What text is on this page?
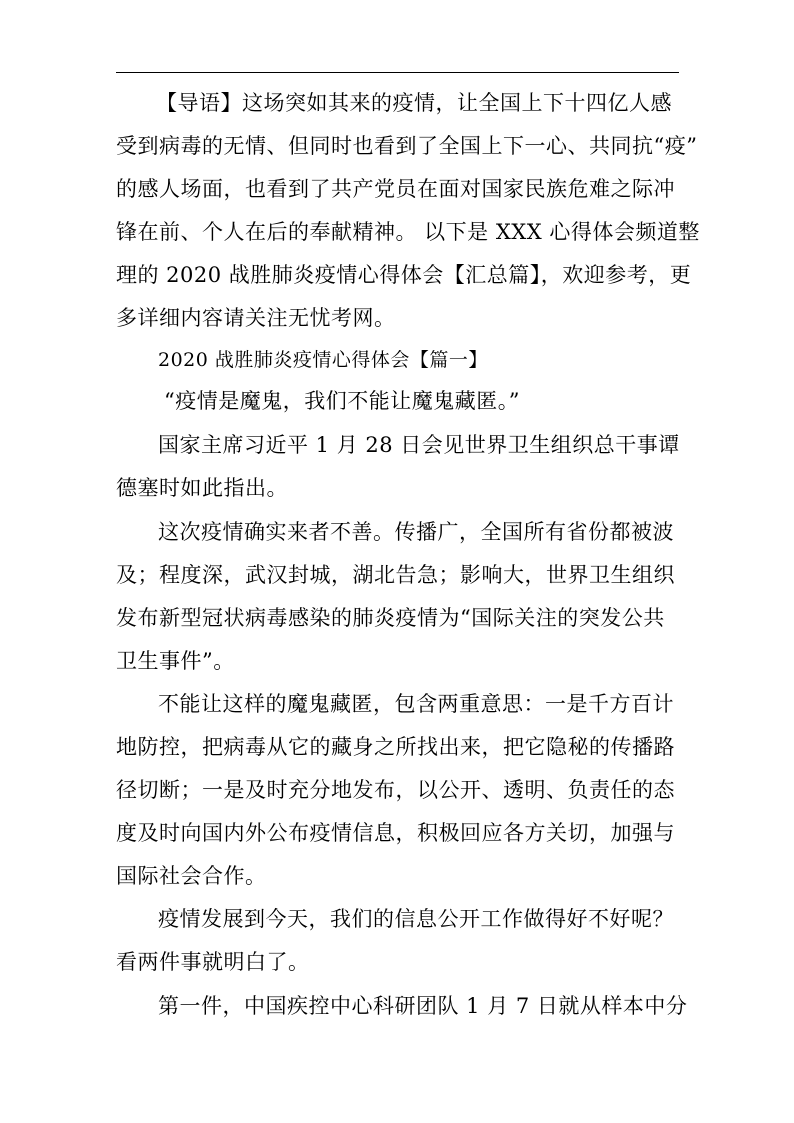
【导语】这场突如其来的疫情，让全国上下十四亿人感
受到病毒的无情、但同时也看到了全国上下一心、共同抗“疫”
的感人场面，也看到了共产党员在面对国家民族危难之际冲
锋在前、个人在后的奉献精神。 以下是 XXX 心得体会频道整
理的 2020 战胜肺炎疫情心得体会【汇总篇】，欢迎参考，更
多详细内容请关注无忧考网。
2020 战胜肺炎疫情心得体会【篇一】
“疫情是魔鬼，我们不能让魔鬼藏匿。”
国家主席习近平 1 月 28 日会见世界卫生组织总干事谭
德塞时如此指出。
这次疫情确实来者不善。传播广，全国所有省份都被波
及；程度深，武汉封城，湖北告急；影响大，世界卫生组织
发布新型冠状病毒感染的肺炎疫情为“国际关注的突发公共
卫生事件”。
不能让这样的魔鬼藏匿，包含两重意思：一是千方百计
地防控，把病毒从它的藏身之所找出来，把它隐秘的传播路
径切断；一是及时充分地发布，以公开、透明、负责任的态
度及时向国内外公布疫情信息，积极回应各方关切，加强与
国际社会合作。
疫情发展到今天，我们的信息公开工作做得好不好呢？
看两件事就明白了。
第一件，中国疾控中心科研团队 1 月 7 日就从样本中分
